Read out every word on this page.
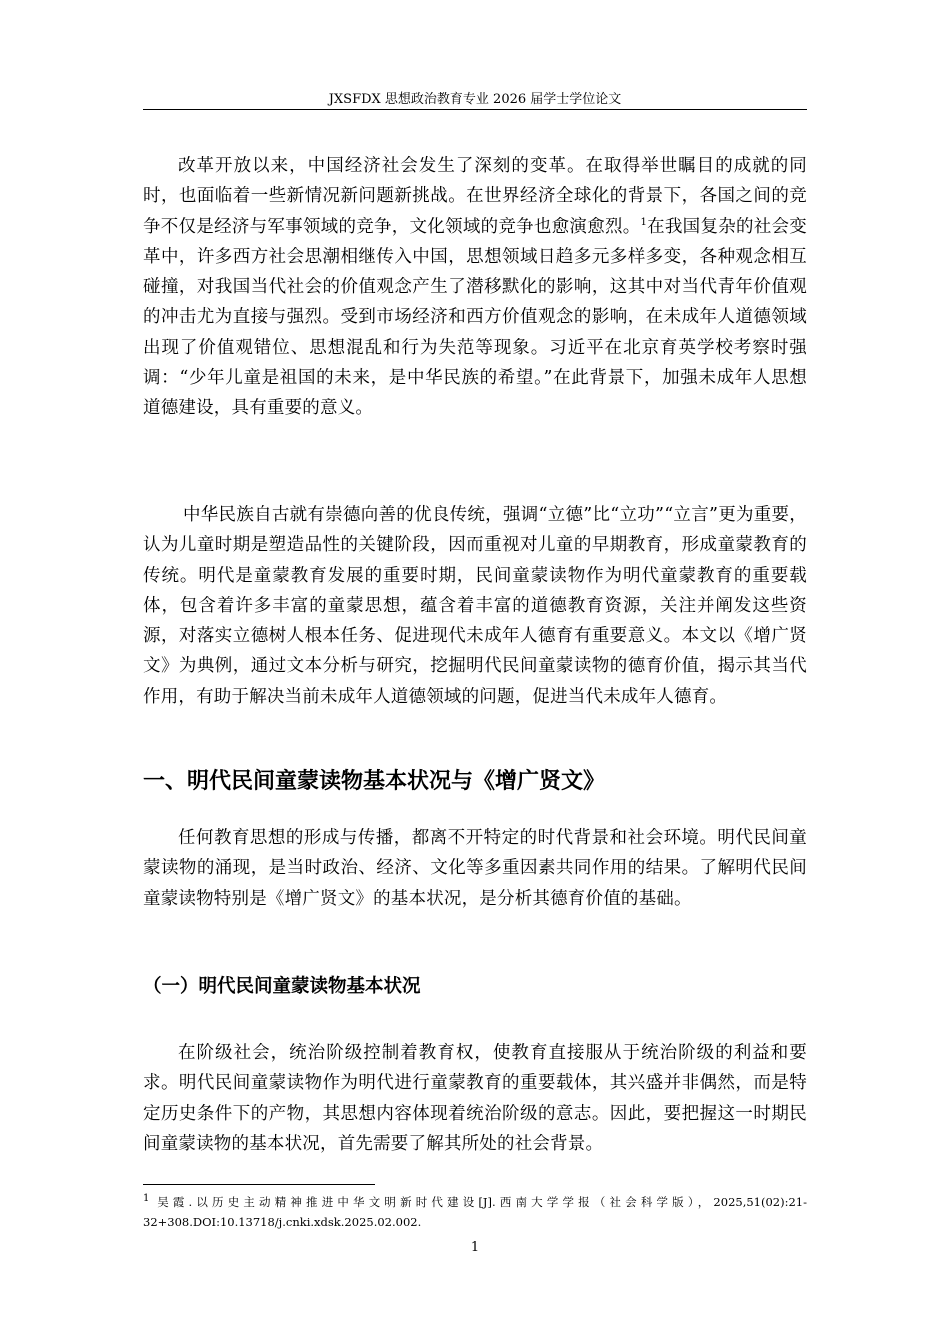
JXSFDX 思想政治教育专业 2026 届学士学位论文

改革开放以来，中国经济社会发生了深刻的变革。在取得举世瞩目的成就的同时，也面临着一些新情况新问题新挑战。在世界经济全球化的背景下，各国之间的竞争不仅是经济与军事领域的竞争，文化领域的竞争也愈演愈烈。$^1$在我国复杂的社会变革中，许多西方社会思潮相继传入中国，思想领域日趋多元多样多变，各种观念相互碰撞，对我国当代社会的价值观念产生了潜移默化的影响，这其中对当代青年价值观的冲击尤为直接与强烈。受到市场经济和西方价值观念的影响，在未成年人道德领域出现了价值观错位、思想混乱和行为失范等现象。习近平在北京育英学校考察时强调：“少年儿童是祖国的未来，是中华民族的希望。”在此背景下，加强未成年人思想道德建设，具有重要的意义。

中华民族自古就有崇德向善的优良传统，强调“立德”比“立功”“立言”更为重要，认为儿童时期是塑造品性的关键阶段，因而重视对儿童的早期教育，形成童蒙教育的传统。明代是童蒙教育发展的重要时期，民间童蒙读物作为明代童蒙教育的重要载体，包含着许多丰富的童蒙思想，蕴含着丰富的道德教育资源，关注并阐发这些资源，对落实立德树人根本任务、促进现代未成年人德育有重要意义。本文以《增广贤文》为典例，通过文本分析与研究，挖掘明代民间童蒙读物的德育价值，揭示其当代作用，有助于解决当前未成年人道德领域的问题，促进当代未成年人德育。

一、明代民间童蒙读物基本状况与《增广贤文》

任何教育思想的形成与传播，都离不开特定的时代背景和社会环境。明代民间童蒙读物的涌现，是当时政治、经济、文化等多重因素共同作用的结果。了解明代民间童蒙读物特别是《增广贤文》的基本状况，是分析其德育价值的基础。

（一）明代民间童蒙读物基本状况

在阶级社会，统治阶级控制着教育权，使教育直接服从于统治阶级的利益和要求。明代民间童蒙读物作为明代进行童蒙教育的重要载体，其兴盛并非偶然，而是特定历史条件下的产物，其思想内容体现着统治阶级的意志。因此，要把握这一时期民间童蒙读物的基本状况，首先需要了解其所处的社会背景。

$^1$ 吴霞.以历史主动精神推进中华文明新时代建设[J].西南大学学报（社会科学版），2025,51(02):21-32+308.DOI:10.13718/j.cnki.xdsk.2025.02.002.

1
